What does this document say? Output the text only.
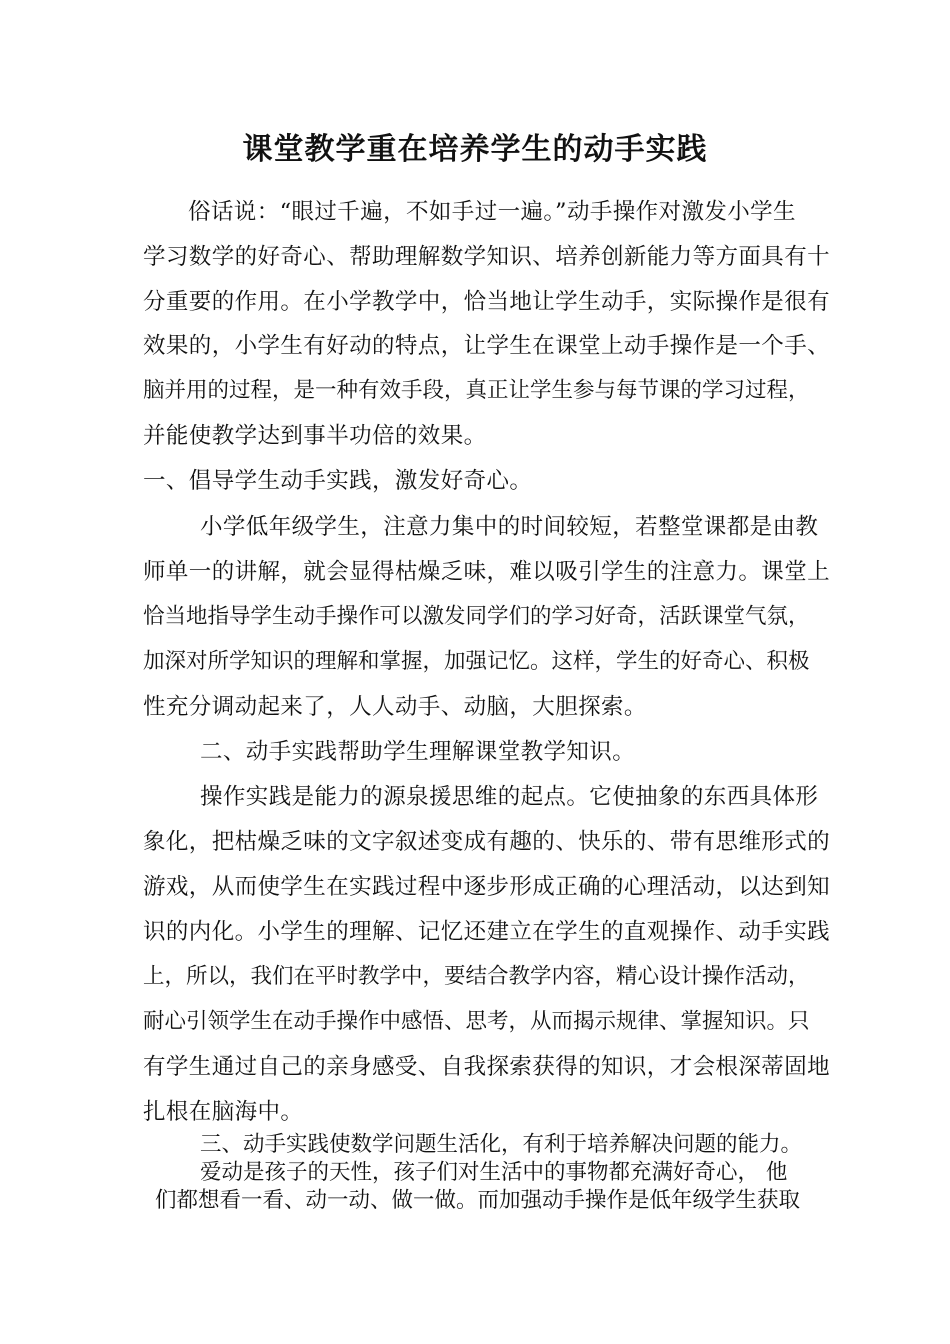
课堂教学重在培养学生的动手实践
俗话说：“眼过千遍，不如手过一遍。”动手操作对激发小学生
学习数学的好奇心、帮助理解数学知识、培养创新能力等方面具有十
分重要的作用。在小学教学中，恰当地让学生动手，实际操作是很有
效果的，小学生有好动的特点，让学生在课堂上动手操作是一个手、
脑并用的过程，是一种有效手段，真正让学生参与每节课的学习过程，
并能使教学达到事半功倍的效果。
一、倡导学生动手实践，激发好奇心。
小学低年级学生，注意力集中的时间较短，若整堂课都是由教
师单一的讲解，就会显得枯燥乏味，难以吸引学生的注意力。课堂上
恰当地指导学生动手操作可以激发同学们的学习好奇，活跃课堂气氛，
加深对所学知识的理解和掌握，加强记忆。这样，学生的好奇心、积极
性充分调动起来了，人人动手、动脑，大胆探索。
二、动手实践帮助学生理解课堂教学知识。
操作实践是能力的源泉援思维的起点。它使抽象的东西具体形
象化，把枯燥乏味的文字叙述变成有趣的、快乐的、带有思维形式的
游戏，从而使学生在实践过程中逐步形成正确的心理活动，以达到知
识的内化。小学生的理解、记忆还建立在学生的直观操作、动手实践
上，所以，我们在平时教学中，要结合教学内容，精心设计操作活动，
耐心引领学生在动手操作中感悟、思考，从而揭示规律、掌握知识。只
有学生通过自己的亲身感受、自我探索获得的知识，才会根深蒂固地
扎根在脑海中。
三、动手实践使数学问题生活化，有利于培养解决问题的能力。
爱动是孩子的天性，孩子们对生活中的事物都充满好奇心， 他
们都想看一看、动一动、做一做。而加强动手操作是低年级学生获取
